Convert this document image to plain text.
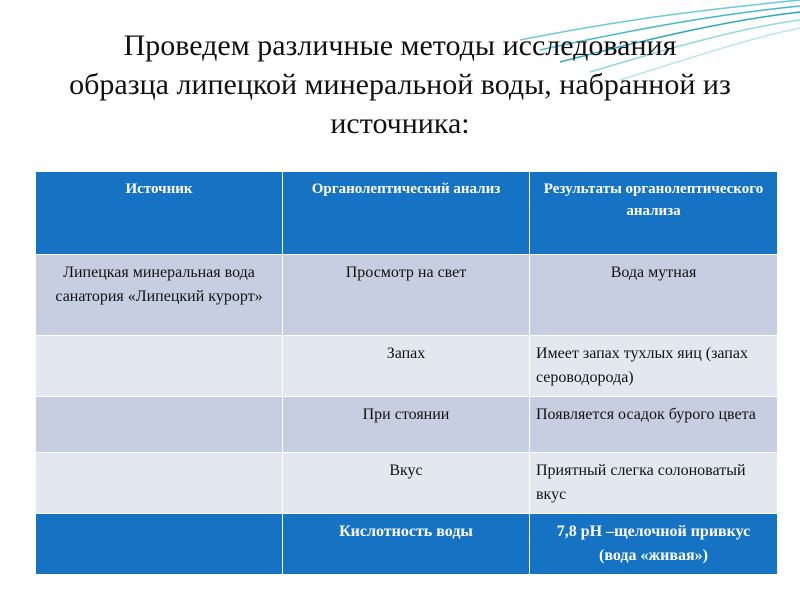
Проведем различные методы исследования
образца липецкой минеральной воды, набранной из
источника:
Источник	Органолептический анализ	Результаты органолептического анализа
Липецкая минеральная вода санатория «Липецкий курорт»	Просмотр на свет	Вода мутная
	Запах	Имеет запах тухлых яиц (запах сероводорода)
	При стоянии	Появляется осадок бурого цвета
	Вкус	Приятный слегка солоноватый вкус
	Кислотность воды	7,8 pH –щелочной привкус (вода «живая»)
